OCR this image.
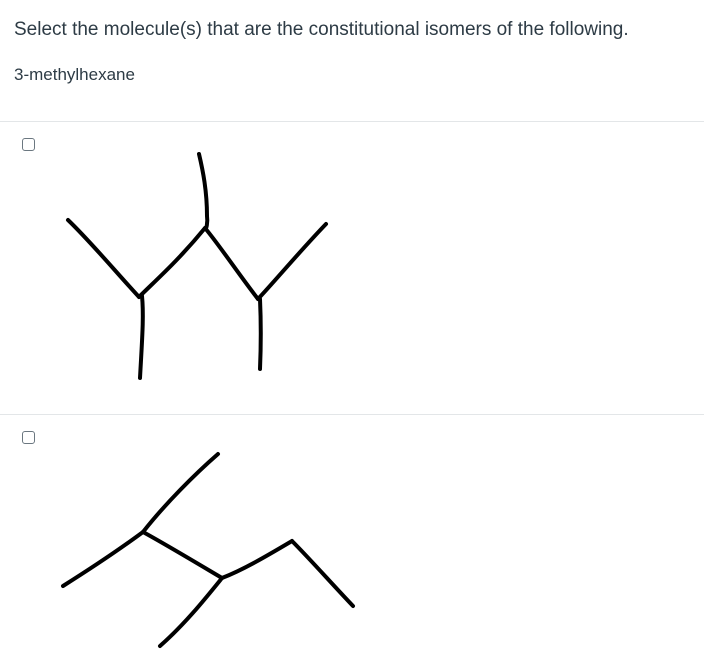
Select the molecule(s) that are the constitutional isomers of the following.
3-methylhexane
